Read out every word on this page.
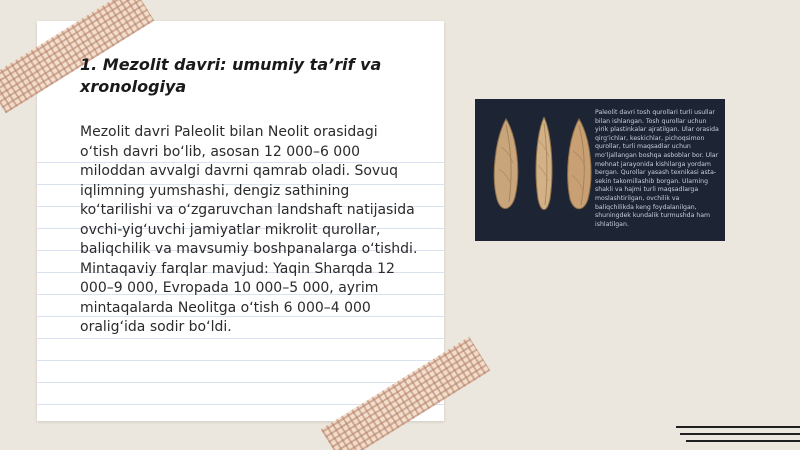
1. Mezolit davri: umumiy ta’rif va xronologiya

Mezolit davri Paleolit bilan Neolit orasidagi oʻtish davri boʻlib, asosan 12 000–6 000 miloddan avvalgi davrni qamrab oladi. Sovuq iqlimning yumshashi, dengiz sathining koʻtarilishi va oʻzgaruvchan landshaft natijasida ovchi-yigʻuvchi jamiyatlar mikrolit qurollar, baliqchilik va mavsumiy boshpanalarga oʻtishdi. Mintaqaviy farqlar mavjud: Yaqin Sharqda 12 000–9 000, Evropada 10 000–5 000, ayrim mintaqalarda Neolitga oʻtish 6 000–4 000 oraligʻida sodir boʻldi.

Paleolit davri tosh qurollari turli usullar bilan ishlangan. Tosh qurollar uchun yirik plastinkalar ajratilgan. Ular orasida qirgʻichlar, keskichlar, pichoqsimon qurollar, turli maqsadlar uchun moʻljallangan boshqa asboblar bor. Ular mehnat jarayonida kishilarga yordam bergan. Qurollar yasash texnikasi asta-sekin takomillashib borgan. Ularning shakli va hajmi turli maqsadlarga moslashtirilgan, ovchilik va baliqchilikda keng foydalanilgan, shuningdek kundalik turmushda ham ishlatilgan.
